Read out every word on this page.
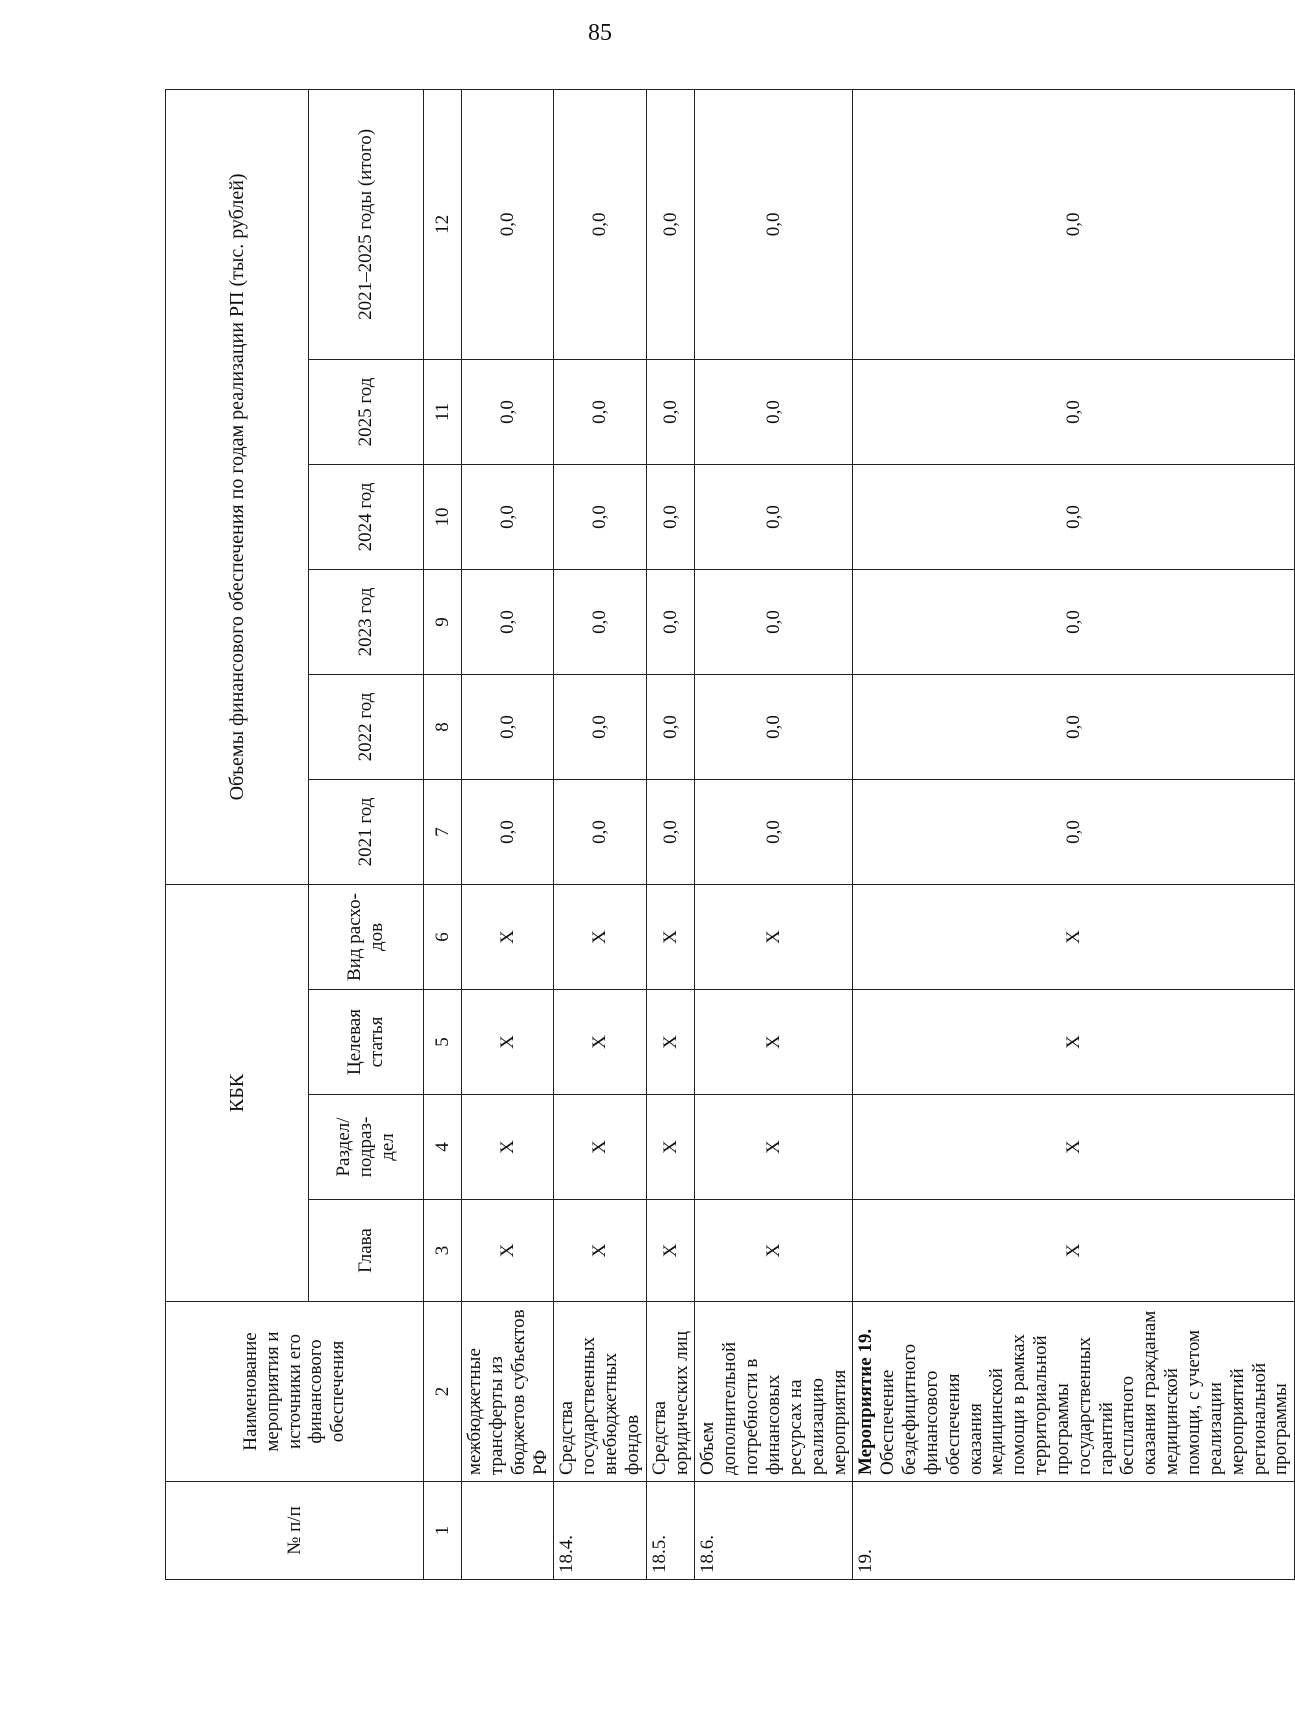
85
№ п/п	Наименование мероприятия и источники его финансового обеспечения	КБК				Объемы финансового обеспечения по годам реализации РП (тыс. рублей)					
		Глава	Раздел/ подраз- дел	Целевая статья	Вид расхо- дов	2021 год	2022 год	2023 год	2024 год	2025 год	2021–2025 годы (итого)
1	2	3	4	5	6	7	8	9	10	11	12
	межбюджетные трансферты из бюджетов субъектов РФ	X	X	X	X	0,0	0,0	0,0	0,0	0,0	0,0
18.4.	Средства государственных внебюджетных фондов	X	X	X	X	0,0	0,0	0,0	0,0	0,0	0,0
18.5.	Средства юридических лиц	X	X	X	X	0,0	0,0	0,0	0,0	0,0	0,0
18.6.	Объем дополнительной потребности в финансовых ресурсах на реализацию мероприятия	X	X	X	X	0,0	0,0	0,0	0,0	0,0	0,0
19.	Мероприятие 19. Обеспечение бездефицитного финансового обеспечения оказания медицинской помощи в рамках территориальной программы государственных гарантий бесплатного оказания гражданам медицинской помощи, с учетом реализации мероприятий региональной программы	X	X	X	X	0,0	0,0	0,0	0,0	0,0	0,0
